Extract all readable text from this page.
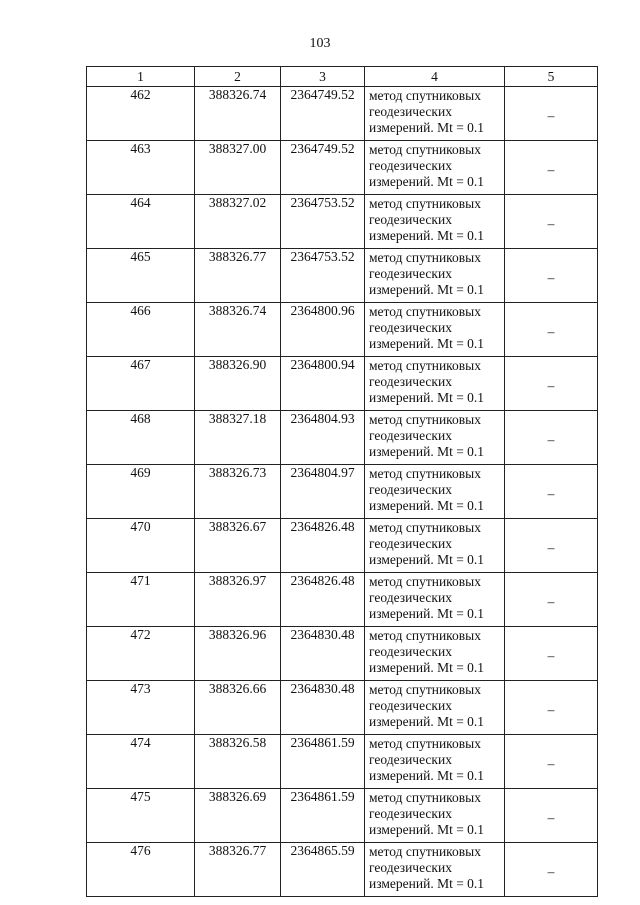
103
1	2	3	4	5
462	388326.74	2364749.52	метод спутниковых
геодезических
измерений. Mt = 0.1	–
463	388327.00	2364749.52	метод спутниковых
геодезических
измерений. Mt = 0.1	–
464	388327.02	2364753.52	метод спутниковых
геодезических
измерений. Mt = 0.1	–
465	388326.77	2364753.52	метод спутниковых
геодезических
измерений. Mt = 0.1	–
466	388326.74	2364800.96	метод спутниковых
геодезических
измерений. Mt = 0.1	–
467	388326.90	2364800.94	метод спутниковых
геодезических
измерений. Mt = 0.1	–
468	388327.18	2364804.93	метод спутниковых
геодезических
измерений. Mt = 0.1	–
469	388326.73	2364804.97	метод спутниковых
геодезических
измерений. Mt = 0.1	–
470	388326.67	2364826.48	метод спутниковых
геодезических
измерений. Mt = 0.1	–
471	388326.97	2364826.48	метод спутниковых
геодезических
измерений. Mt = 0.1	–
472	388326.96	2364830.48	метод спутниковых
геодезических
измерений. Mt = 0.1	–
473	388326.66	2364830.48	метод спутниковых
геодезических
измерений. Mt = 0.1	–
474	388326.58	2364861.59	метод спутниковых
геодезических
измерений. Mt = 0.1	–
475	388326.69	2364861.59	метод спутниковых
геодезических
измерений. Mt = 0.1	–
476	388326.77	2364865.59	метод спутниковых
геодезических
измерений. Mt = 0.1	–
